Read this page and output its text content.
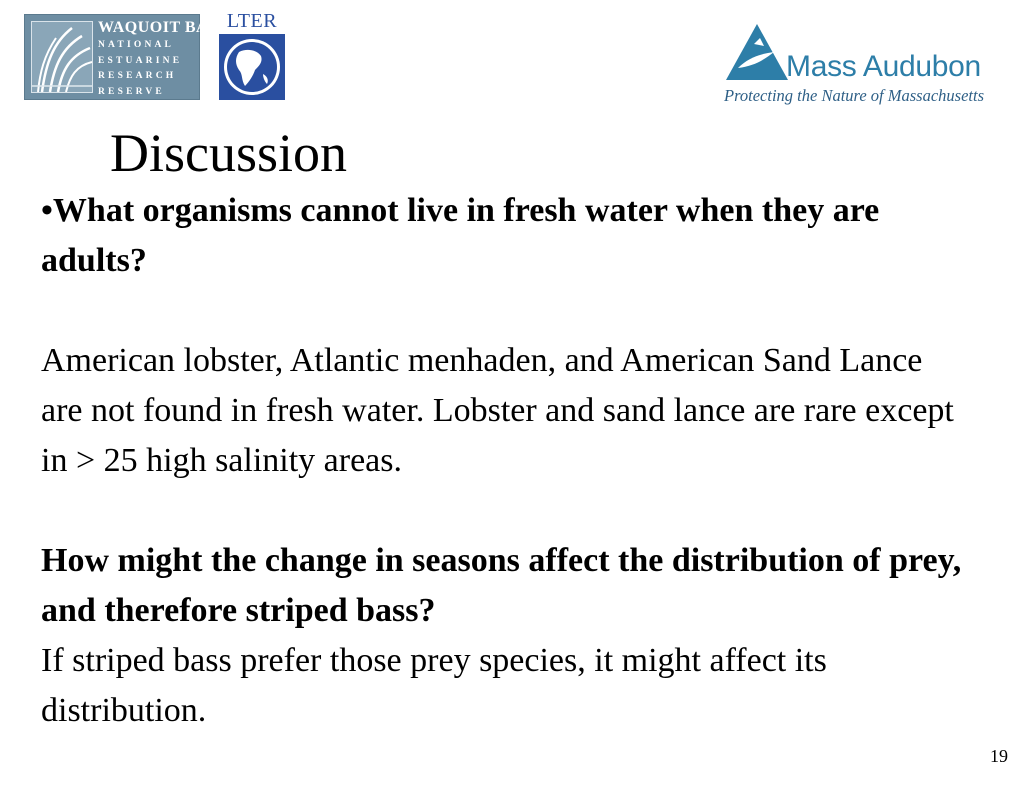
WAQUOIT BAY
NATIONAL
ESTUARINE
RESEARCH
RESERVE
LTER
Mass Audubon
Protecting the Nature of Massachusetts
Discussion

•What organisms cannot live in fresh water when they are adults?

American lobster, Atlantic menhaden, and American Sand Lance are not found in fresh water. Lobster and sand lance are rare except in > 25 high salinity areas.

How might the change in seasons affect the distribution of prey, and therefore striped bass?

If striped bass prefer those prey species, it might affect its distribution.

19
